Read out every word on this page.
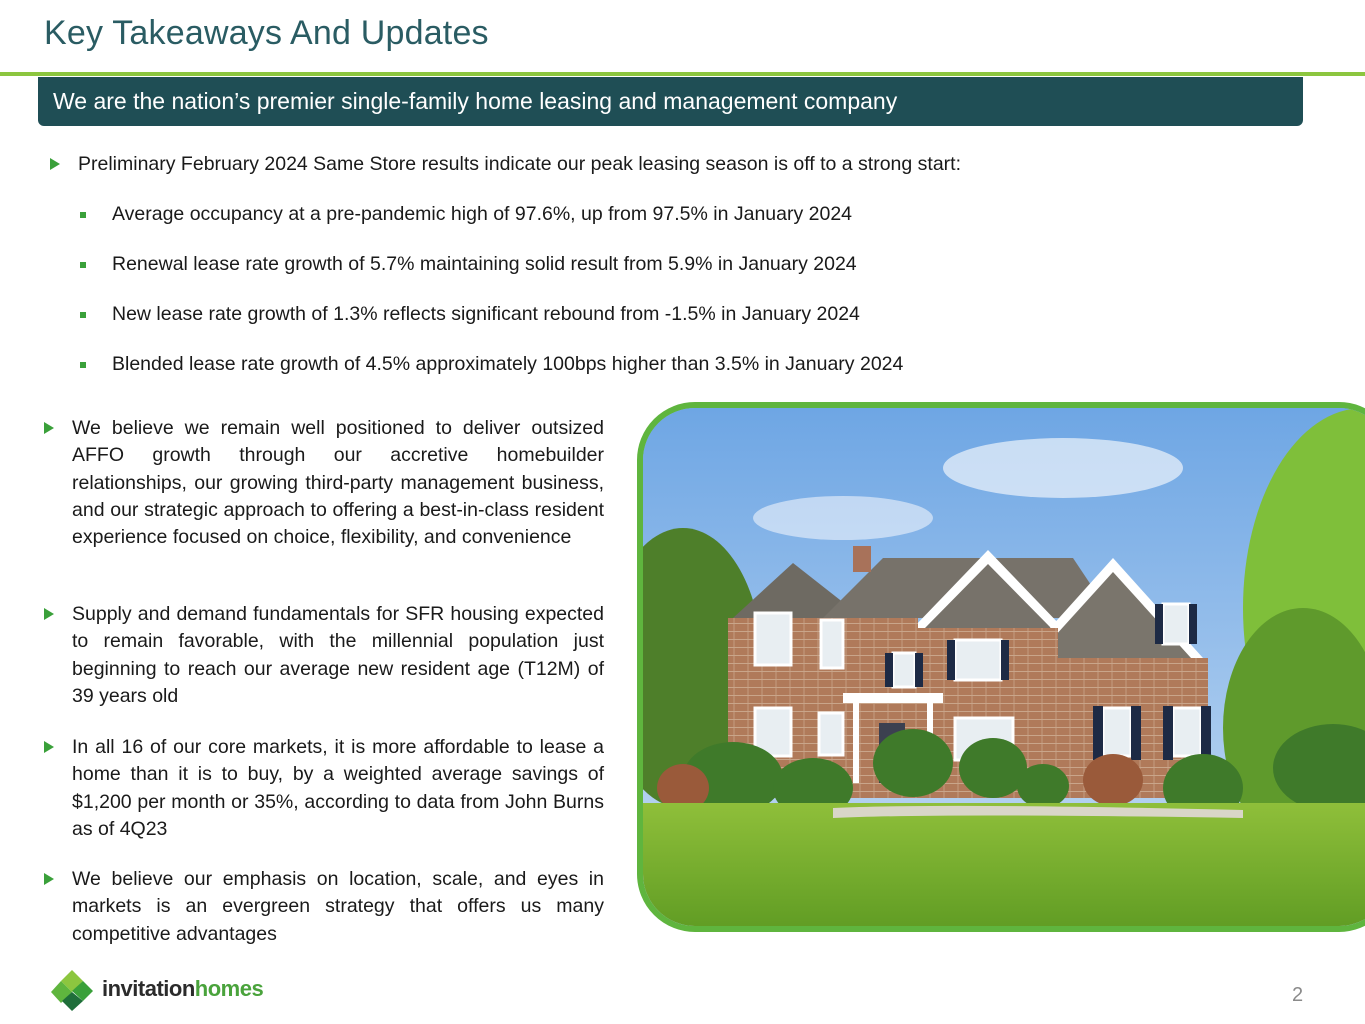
Key Takeaways And Updates
We are the nation’s premier single-family home leasing and management company
Preliminary February 2024 Same Store results indicate our peak leasing season is off to a strong start:
Average occupancy at a pre-pandemic high of 97.6%, up from 97.5% in January 2024
Renewal lease rate growth of 5.7% maintaining solid result from 5.9% in January 2024
New lease rate growth of 1.3% reflects significant rebound from -1.5% in January 2024
Blended lease rate growth of 4.5% approximately 100bps higher than 3.5% in January 2024
We believe we remain well positioned to deliver outsized AFFO growth through our accretive homebuilder relationships, our growing third-party management business, and our strategic approach to offering a best-in-class resident experience focused on choice, flexibility, and convenience
Supply and demand fundamentals for SFR housing expected to remain favorable, with the millennial population just beginning to reach our average new resident age (T12M) of 39 years old
In all 16 of our core markets, it is more affordable to lease a home than it is to buy, by a weighted average savings of $1,200 per month or 35%, according to data from John Burns as of 4Q23
We believe our emphasis on location, scale, and eyes in markets is an evergreen strategy that offers us many competitive advantages
invitationhomes	2
